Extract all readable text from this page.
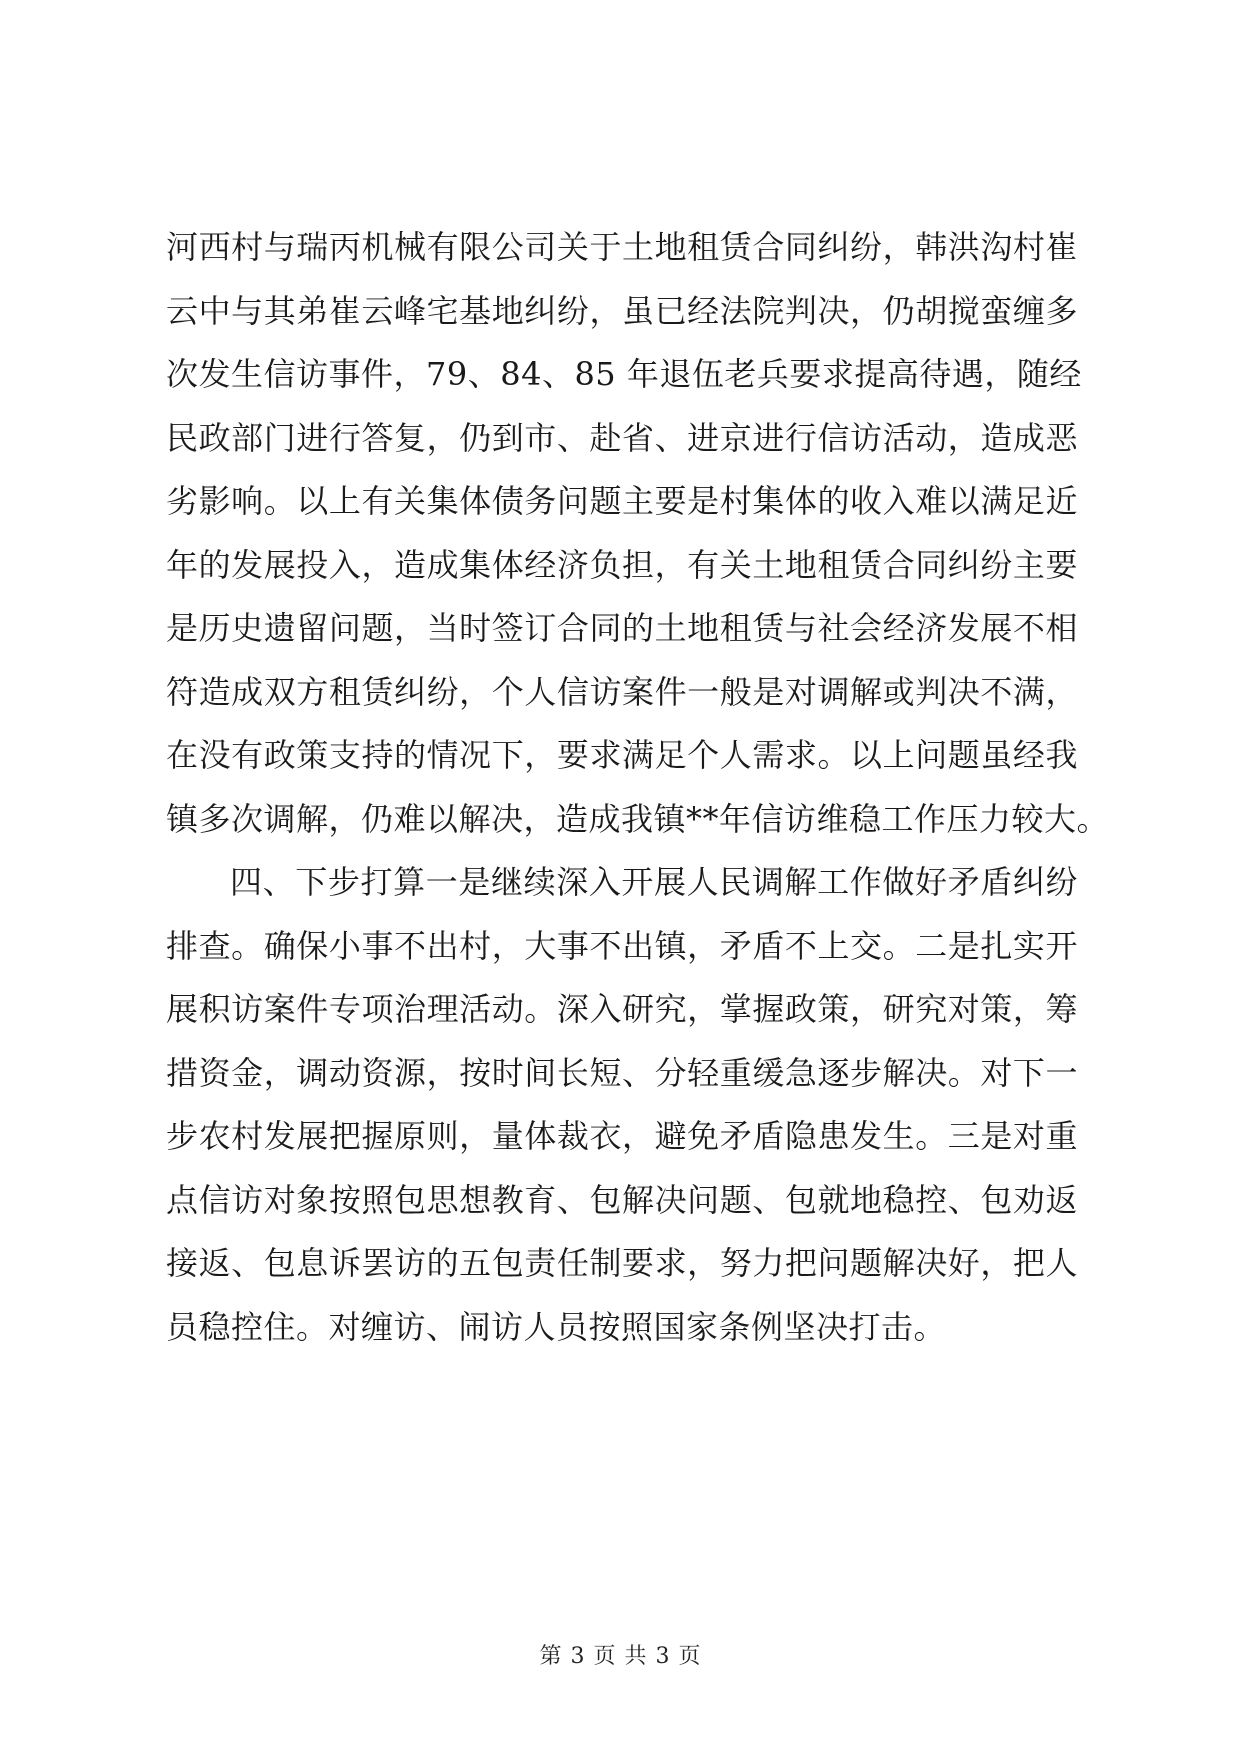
河西村与瑞丙机械有限公司关于土地租赁合同纠纷，韩洪沟村崔
云中与其弟崔云峰宅基地纠纷，虽已经法院判决，仍胡搅蛮缠多
次发生信访事件，79、84、85 年退伍老兵要求提高待遇，随经
民政部门进行答复，仍到市、赴省、进京进行信访活动，造成恶
劣影响。以上有关集体债务问题主要是村集体的收入难以满足近
年的发展投入，造成集体经济负担，有关土地租赁合同纠纷主要
是历史遗留问题，当时签订合同的土地租赁与社会经济发展不相
符造成双方租赁纠纷，个人信访案件一般是对调解或判决不满，
在没有政策支持的情况下，要求满足个人需求。以上问题虽经我
镇多次调解，仍难以解决，造成我镇**年信访维稳工作压力较大。
四、下步打算一是继续深入开展人民调解工作做好矛盾纠纷
排查。确保小事不出村，大事不出镇，矛盾不上交。二是扎实开
展积访案件专项治理活动。深入研究，掌握政策，研究对策，筹
措资金，调动资源，按时间长短、分轻重缓急逐步解决。对下一
步农村发展把握原则，量体裁衣，避免矛盾隐患发生。三是对重
点信访对象按照包思想教育、包解决问题、包就地稳控、包劝返
接返、包息诉罢访的五包责任制要求，努力把问题解决好，把人
员稳控住。对缠访、闹访人员按照国家条例坚决打击。
第 3 页 共 3 页
